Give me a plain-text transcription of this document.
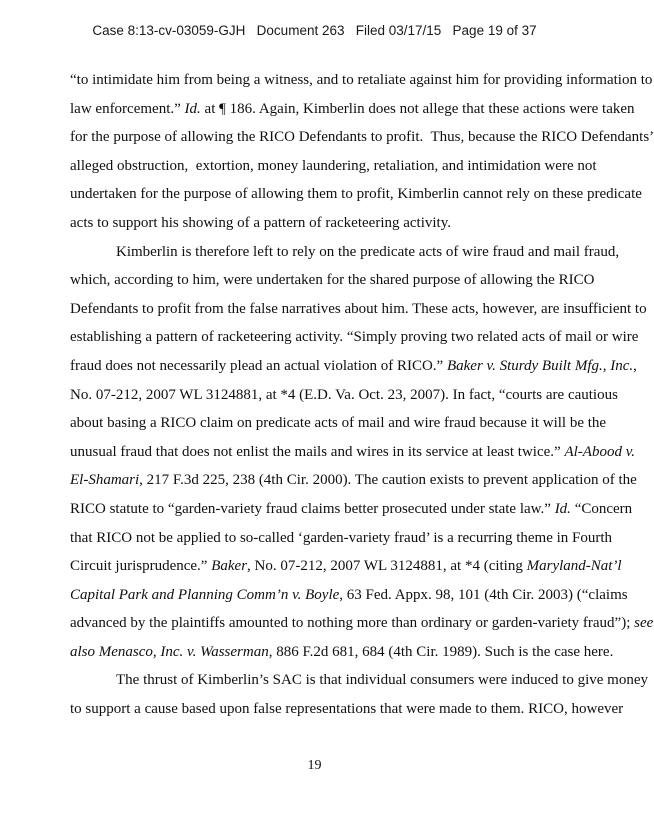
Case 8:13-cv-03059-GJH   Document 263   Filed 03/17/15   Page 19 of 37
“to intimidate him from being a witness, and to retaliate against him for providing information to
law enforcement.” Id. at ¶ 186. Again, Kimberlin does not allege that these actions were taken
for the purpose of allowing the RICO Defendants to profit.  Thus, because the RICO Defendants’
alleged obstruction,  extortion, money laundering, retaliation, and intimidation were not
undertaken for the purpose of allowing them to profit, Kimberlin cannot rely on these predicate
acts to support his showing of a pattern of racketeering activity.
Kimberlin is therefore left to rely on the predicate acts of wire fraud and mail fraud,
which, according to him, were undertaken for the shared purpose of allowing the RICO
Defendants to profit from the false narratives about him. These acts, however, are insufficient to
establishing a pattern of racketeering activity. “Simply proving two related acts of mail or wire
fraud does not necessarily plead an actual violation of RICO.” Baker v. Sturdy Built Mfg., Inc.,
No. 07-212, 2007 WL 3124881, at *4 (E.D. Va. Oct. 23, 2007). In fact, “courts are cautious
about basing a RICO claim on predicate acts of mail and wire fraud because it will be the
unusual fraud that does not enlist the mails and wires in its service at least twice.” Al-Abood v.
El-Shamari, 217 F.3d 225, 238 (4th Cir. 2000). The caution exists to prevent application of the
RICO statute to “garden-variety fraud claims better prosecuted under state law.” Id. “Concern
that RICO not be applied to so-called ‘garden-variety fraud’ is a recurring theme in Fourth
Circuit jurisprudence.” Baker, No. 07-212, 2007 WL 3124881, at *4 (citing Maryland-Nat’l
Capital Park and Planning Comm’n v. Boyle, 63 Fed. Appx. 98, 101 (4th Cir. 2003) (“claims
advanced by the plaintiffs amounted to nothing more than ordinary or garden-variety fraud”); see
also Menasco, Inc. v. Wasserman, 886 F.2d 681, 684 (4th Cir. 1989). Such is the case here.
The thrust of Kimberlin’s SAC is that individual consumers were induced to give money
to support a cause based upon false representations that were made to them. RICO, however
19
